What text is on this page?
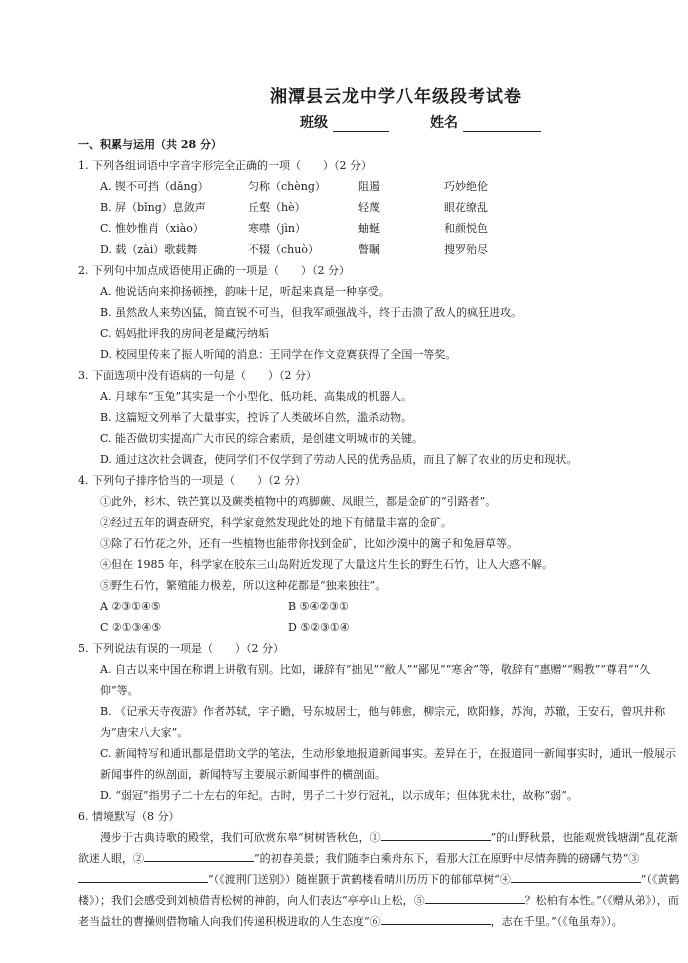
湘潭县云龙中学八年级段考试卷
班级	姓名
一、积累与运用（共 28 分）
1. 下列各组词语中字音字形完全正确的一项（　　）（2 分）
A. 锲不可挡（dǎng）	匀称（chèng）	阻遏	巧妙绝伦
B. 屏（bǐng）息敛声	丘壑（hè）	轻蔑	眼花缭乱
C. 惟妙惟肖（xiào）	寒噤（jìn）	蚰蜒	和颜悦色
D. 载（zài）歌载舞	不辍（chuò）	瞥瞩	搜罗殆尽
2. 下列句中加点成语使用正确的一项是（　　）（2 分）
A. 他说话向来抑扬顿挫，韵味十足，听起来真是一种享受。
B. 虽然敌人来势凶猛，简直锐不可当，但我军顽强战斗，终于击溃了敌人的疯狂进攻。
C. 妈妈批评我的房间老是藏污纳垢
D. 校园里传来了振人听闻的消息：王同学在作文竞赛获得了全国一等奖。
3. 下面选项中没有语病的一句是（　　）（2 分）
A. 月球车“玉兔”其实是一个小型化、低功耗、高集成的机器人。
B. 这篇短文列举了大量事实，控诉了人类破坏自然，滥杀动物。
C. 能否做切实提高广大市民的综合素质，是创建文明城市的关键。
D. 通过这次社会调查，使同学们不仅学到了劳动人民的优秀品质，而且了解了农业的历史和现状。
4. 下列句子排序恰当的一项是（　　）（2 分）
①此外，杉木、铁芒箕以及蕨类植物中的鸡脚蕨、凤眼兰，都是金矿的“引路者”。
②经过五年的调查研究，科学家竟然发现此处的地下有储量丰富的金矿。
③除了石竹花之外，还有一些植物也能带你找到金矿，比如沙漠中的篱子和兔唇草等。
④但在 1985 年，科学家在胶东三山岛附近发现了大量这片生长的野生石竹，让人大惑不解。
⑤野生石竹，繁殖能力极差，所以这种花都是“独来独往”。
A ②③①④⑤	B ⑤④②③①
C ②①③④⑤	D ⑤②③①④
5. 下列说法有误的一项是（　　）（2 分）
A. 自古以来中国在称谓上讲敬有别。比如，谦辞有“拙见”“敝人”“鄙见”“寒舍”等，敬辞有“惠赠”“赐教”“尊君”“久仰”等。
B. 《记承天寺夜游》作者苏轼，字子瞻，号东坡居士，他与韩愈，柳宗元，欧阳修，苏洵，苏辙，王安石，曾巩并称为“唐宋八大家”。
C. 新闻特写和通讯都是借助文学的笔法，生动形象地报道新闻事实。差异在于，在报道同一新闻事实时，通讯一般展示新闻事件的纵剖面，新闻特写主要展示新闻事件的横剖面。
D. “弱冠”指男子二十左右的年纪。古时，男子二十岁行冠礼，以示成年；但体犹未壮，故称“弱”。
6. 情境默写（8 分）
漫步于古典诗歌的殿堂，我们可欣赏东皋“树树皆秋色，①	”的山野秋景，也能观赏钱塘湖“乱花渐欲迷人眼，②	”的初春美景；我们随李白乘舟东下，看那大江在原野中尽情奔腾的磅礴气势“③”（《渡荆门送别》）随崔颢于黄鹤楼看晴川历历下的郁郁草树“④	”（《黄鹤楼》）；我们会感受到刘桢借青松树的神韵，向人们表达“亭亭山上松，⑤	？松柏有本性。”（《赠从弟》），而老当益壮的曹操则借物喻人向我们传递积极进取的人生态度“⑥	，志在千里。”（《龟虽寿》）。
